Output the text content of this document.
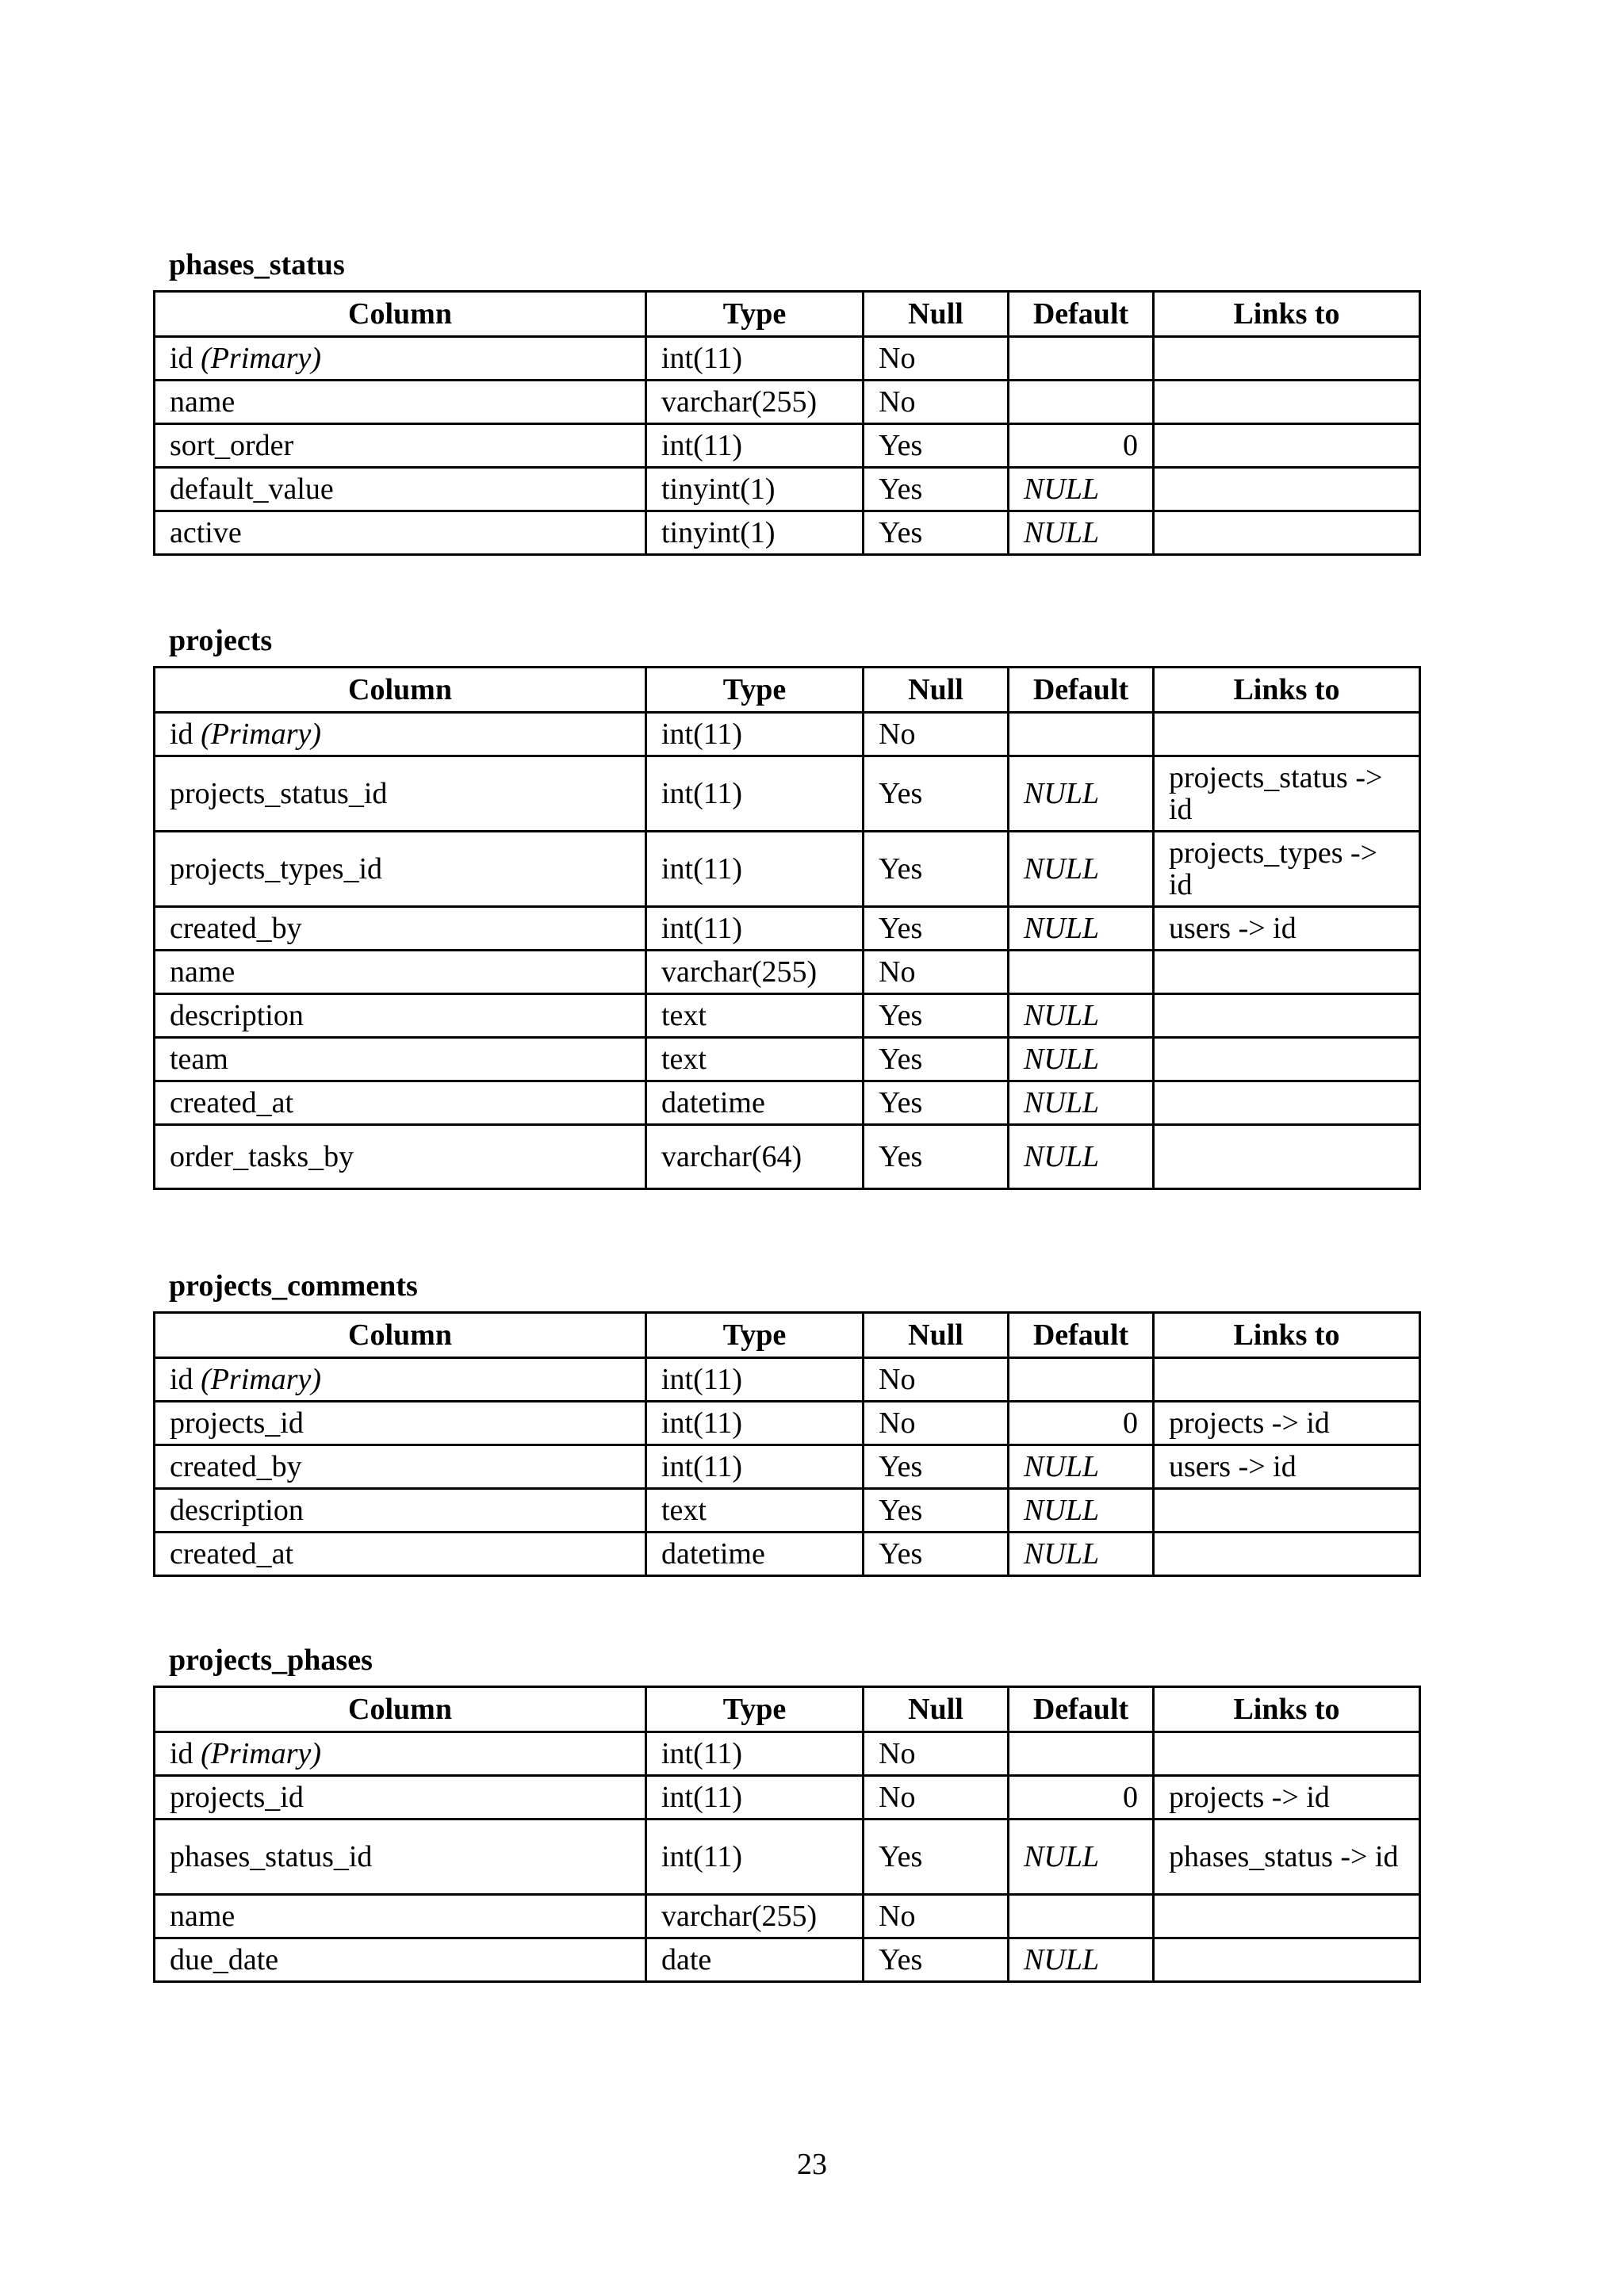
phases_status
Column	Type	Null	Default	Links to
id (Primary)	int(11)	No		
name	varchar(255)	No		
sort_order	int(11)	Yes	0	
default_value	tinyint(1)	Yes	NULL	
active	tinyint(1)	Yes	NULL	
projects
Column	Type	Null	Default	Links to
id (Primary)	int(11)	No		
projects_status_id	int(11)	Yes	NULL	projects_status -> id
projects_types_id	int(11)	Yes	NULL	projects_types -> id
created_by	int(11)	Yes	NULL	users -> id
name	varchar(255)	No		
description	text	Yes	NULL	
team	text	Yes	NULL	
created_at	datetime	Yes	NULL	
order_tasks_by	varchar(64)	Yes	NULL	
projects_comments
Column	Type	Null	Default	Links to
id (Primary)	int(11)	No		
projects_id	int(11)	No	0	projects -> id
created_by	int(11)	Yes	NULL	users -> id
description	text	Yes	NULL	
created_at	datetime	Yes	NULL	
projects_phases
Column	Type	Null	Default	Links to
id (Primary)	int(11)	No		
projects_id	int(11)	No	0	projects -> id
phases_status_id	int(11)	Yes	NULL	phases_status -> id
name	varchar(255)	No		
due_date	date	Yes	NULL	
23
